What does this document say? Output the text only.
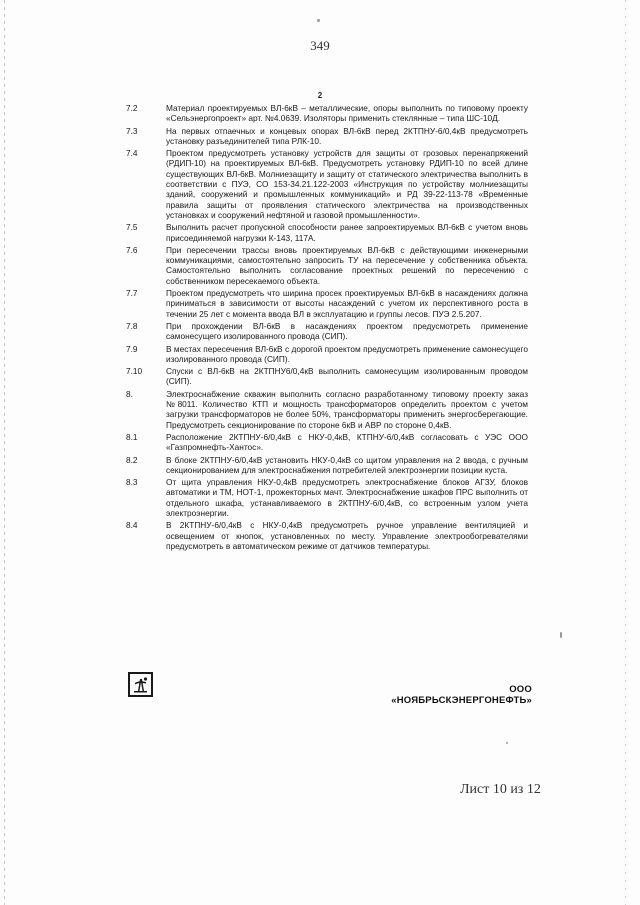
349
2
7.2	Материал проектируемых ВЛ-6кВ – металлические, опоры выполнить по типовому проекту «Сельэнергопроект» арт. №4.0639. Изоляторы применить стеклянные – типа ШС-10Д.
7.3	На первых отпаечных и концевых опорах ВЛ-6кВ перед 2КТПНУ-6/0,4кВ предусмотреть установку разъединителей типа РЛК-10.
7.4	Проектом предусмотреть установку устройств для защиты от грозовых перенапряжений (РДИП-10) на проектируемых ВЛ-6кВ. Предусмотреть установку РДИП-10 по всей длине существующих ВЛ-6кВ. Молниезащиту и защиту от статического электричества выполнить в соответствии с ПУЭ, СО 153-34.21.122-2003 «Инструкция по устройству молниезащиты зданий, сооружений и промышленных коммуникаций» и РД 39-22-113-78 «Временные правила защиты от проявления статического электричества на производственных установках и сооружений нефтяной и газовой промышленности».
7.5	Выполнить расчет пропускной способности ранее запроектируемых ВЛ-6кВ с учетом вновь присоединяемой нагрузки К-143, 117А.
7.6	При пересечении трассы вновь проектируемых ВЛ-6кВ с действующими инженерными коммуникациями, самостоятельно запросить ТУ на пересечение у собственника объекта. Самостоятельно выполнить согласование проектных решений по пересечению с собственником пересекаемого объекта.
7.7	Проектом предусмотреть что ширина просек проектируемых ВЛ-6кВ в насаждениях должна приниматься в зависимости от высоты насаждений с учетом их перспективного роста в течении 25 лет с момента ввода ВЛ в эксплуатацию и группы лесов. ПУЭ 2.5.207.
7.8	При прохождении ВЛ-6кВ в насаждениях проектом предусмотреть применение самонесущего изолированного провода (СИП).
7.9	В местах пересечения ВЛ-6кВ с дорогой проектом предусмотреть применение самонесущего изолированного провода (СИП).
7.10	Спуски с ВЛ-6кВ на 2КТПНУ6/0,4кВ выполнить самонесущим изолированным проводом (СИП).
8.	Электроснабжение скважин выполнить согласно разработанному типовому проекту заказ №8011. Количество КТП и мощность трансформаторов определить проектом с учетом загрузки трансформаторов не более 50%, трансформаторы применить энергосберегающие. Предусмотреть секционирование по стороне 6кВ и АВР по стороне 0,4кВ.
8.1	Расположение 2КТПНУ-6/0,4кВ с НКУ-0,4кВ, КТПНУ-6/0,4кВ согласовать с УЭС ООО «Газпромнефть-Хантос».
8.2	В блоке 2КТПНУ-6/0,4кВ установить НКУ-0,4кВ со щитом управления на 2 ввода, с ручным секционированием для электроснабжения потребителей электроэнергии позиции куста.
8.3	От щита управления НКУ-0,4кВ предусмотреть электроснабжение блоков АГЗУ, блоков автоматики и ТМ, НОТ-1, прожекторных мачт. Электроснабжение шкафов ПРС выполнить от отдельного шкафа, устанавливаемого в 2КТПНУ-6/0,4кВ, со встроенным узлом учета электроэнергии.
8.4	В 2КТПНУ-6/0,4кВ с НКУ-0,4кВ предусмотреть ручное управление вентиляцией и освещением от кнопок, установленных по месту. Управление электрообогревателями предусмотреть в автоматическом режиме от датчиков температуры.
ООО «НОЯБРЬСКЭНЕРГОНЕФТЬ»
Лист 10 из 12
